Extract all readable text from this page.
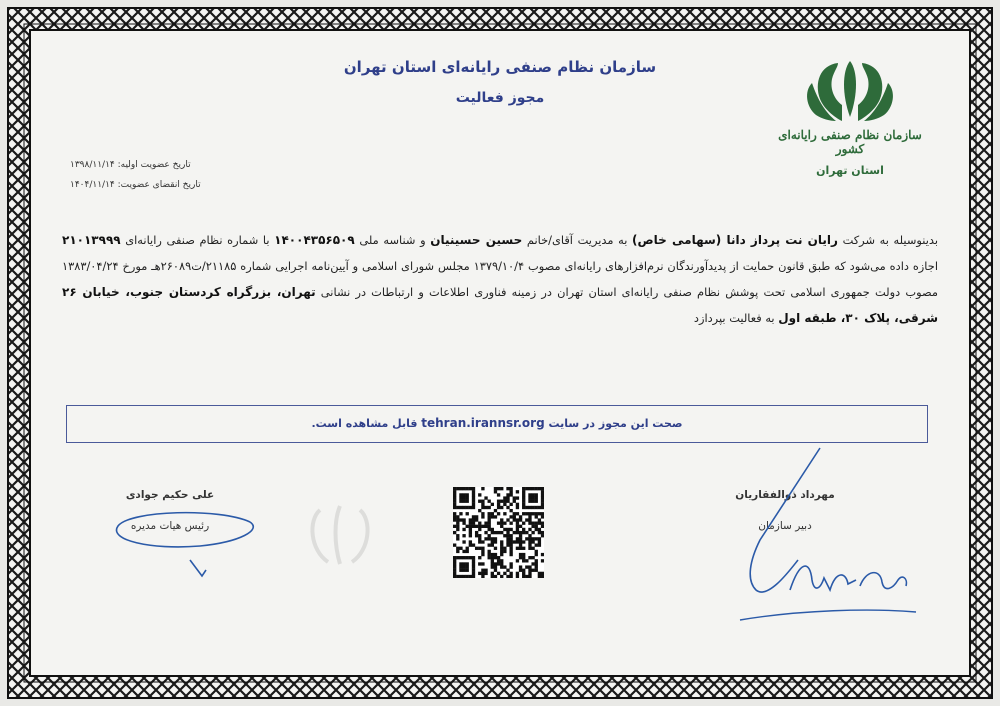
سازمان نظام صنفی رایانه‌ای استان تهران
مجوز فعالیت
سازمان نظام صنفی رایانه‌ای کشور
استان تهران
تاریخ عضویت اولیه: ۱۳۹۸/۱۱/۱۴
تاریخ انقضای عضویت: ۱۴۰۴/۱۱/۱۴
بدینوسیله به شرکت رایان نت پرداز دانا (سهامی خاص) به مدیریت آقای/خانم حسین حسینیان و شناسه ملی ۱۴۰۰۴۳۵۶۵۰۹ با شماره نظام صنفی رایانه‌ای ۲۱۰۱۳۹۹۹ اجازه داده می‌شود که طبق قانون حمایت از پدیدآورندگان نرم‌افزارهای رایانه‌ای مصوب ۱۳۷۹/۱۰/۴ مجلس شورای اسلامی و آیین‌نامه اجرایی شماره ۲۱۱۸۵/ت۲۶۰۸۹هـ مورخ ۱۳۸۳/۰۴/۲۴ مصوب دولت جمهوری اسلامی تحت پوشش نظام صنفی رایانه‌ای استان تهران در زمینه فناوری اطلاعات و ارتباطات در نشانی تهران، بزرگراه کردستان جنوب، خیابان ۲۶ شرقی، پلاک ۳۰، طبقه اول به فعالیت بپردازد
صحت این مجوز در سایت tehran.irannsr.org قابل مشاهده است.
علی حکیم جوادی
رئیس هیات مدیره
مهرداد ذوالفقاریان
دبیر سازمان
